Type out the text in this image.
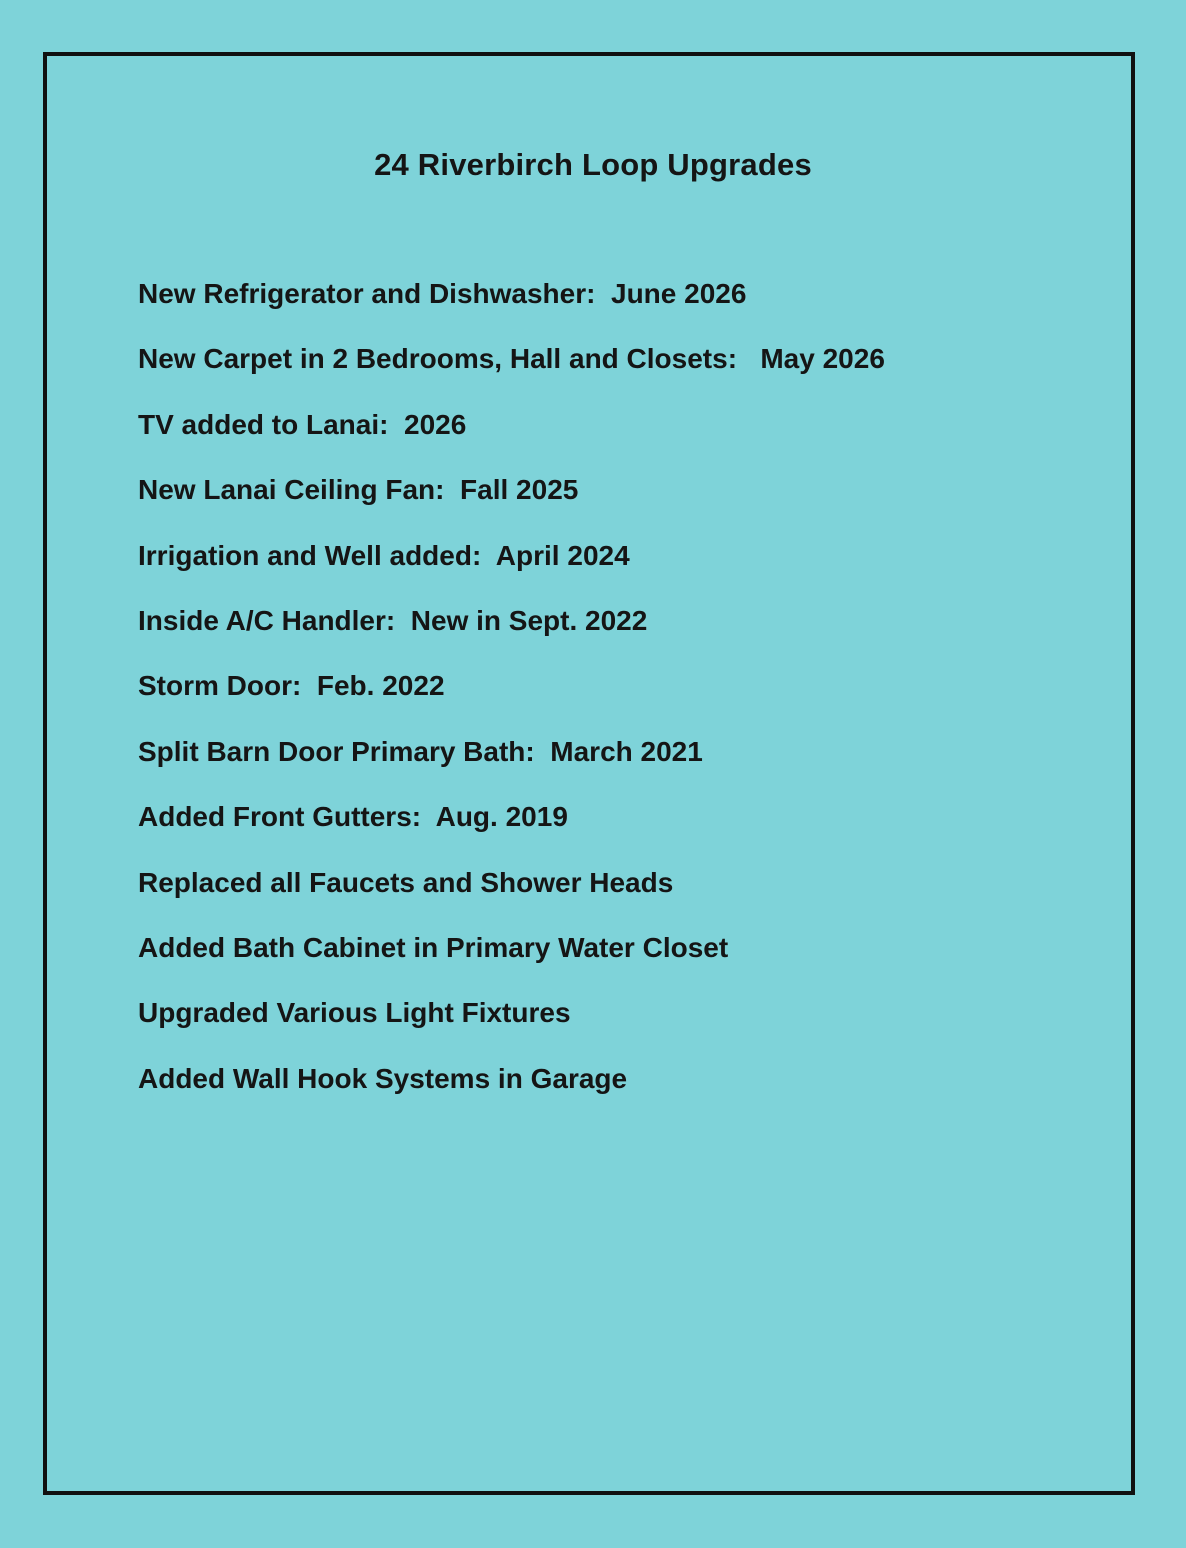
24 Riverbirch Loop Upgrades
New Refrigerator and Dishwasher:  June 2026
New Carpet in 2 Bedrooms, Hall and Closets:   May 2026
TV added to Lanai:  2026
New Lanai Ceiling Fan:  Fall 2025
Irrigation and Well added:  April 2024
Inside A/C Handler:  New in Sept. 2022
Storm Door:  Feb. 2022
Split Barn Door Primary Bath:  March 2021
Added Front Gutters:  Aug. 2019
Replaced all Faucets and Shower Heads
Added Bath Cabinet in Primary Water Closet
Upgraded Various Light Fixtures
Added Wall Hook Systems in Garage
